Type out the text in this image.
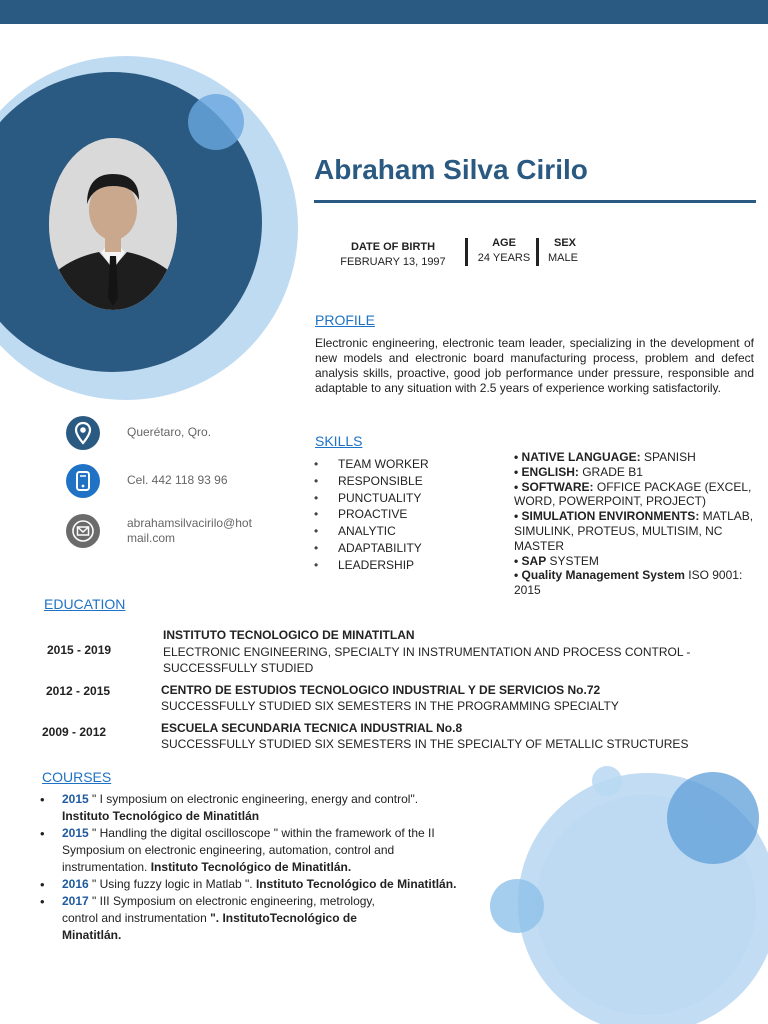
Abraham Silva Cirilo
DATE OF BIRTH
FEBRUARY 13, 1997
AGE
24 YEARS
SEX
MALE
PROFILE
Electronic engineering, electronic team leader, specializing in the development of new models and electronic board manufacturing process, problem and defect analysis skills, proactive, good job performance under pressure, responsible and adaptable to any situation with 2.5 years of experience working satisfactorily.
Querétaro, Qro.
Cel. 442 118 93 96
abrahamsilvacirilo@hotmail.com
SKILLS
• TEAM WORKER
• RESPONSIBLE
• PUNCTUALITY
• PROACTIVE
• ANALYTIC
• ADAPTABILITY
• LEADERSHIP
• NATIVE LANGUAGE: SPANISH
• ENGLISH: GRADE B1
• SOFTWARE: OFFICE PACKAGE (EXCEL, WORD, POWERPOINT, PROJECT)
• SIMULATION ENVIRONMENTS: MATLAB, SIMULINK, PROTEUS, MULTISIM, NC MASTER
• SAP SYSTEM
• Quality Management System ISO 9001: 2015
EDUCATION
2015 - 2019
INSTITUTO TECNOLOGICO DE MINATITLAN
ELECTRONIC ENGINEERING, SPECIALTY IN INSTRUMENTATION AND PROCESS CONTROL - SUCCESSFULLY STUDIED
2012 - 2015	CENTRO DE ESTUDIOS TECNOLOGICO INDUSTRIAL Y DE SERVICIOS No.72
SUCCESSFULLY STUDIED SIX SEMESTERS IN THE PROGRAMMING SPECIALTY
2009 - 2012	ESCUELA SECUNDARIA TECNICA INDUSTRIAL No.8
SUCCESSFULLY STUDIED SIX SEMESTERS IN THE SPECIALTY OF METALLIC STRUCTURES
COURSES
• 2015 " I symposium on electronic engineering, energy and control".
Instituto Tecnológico de Minatitlán
• 2015 " Handling the digital oscilloscope " within the framework of the II Symposium on electronic engineering, automation, control and instrumentation. Instituto Tecnológico de Minatitlán.
• 2016 " Using fuzzy logic in Matlab ". Instituto Tecnológico de Minatitlán.
• 2017 " III Symposium on electronic engineering, metrology, control and instrumentation ". InstitutoTecnológico de Minatitlán.
